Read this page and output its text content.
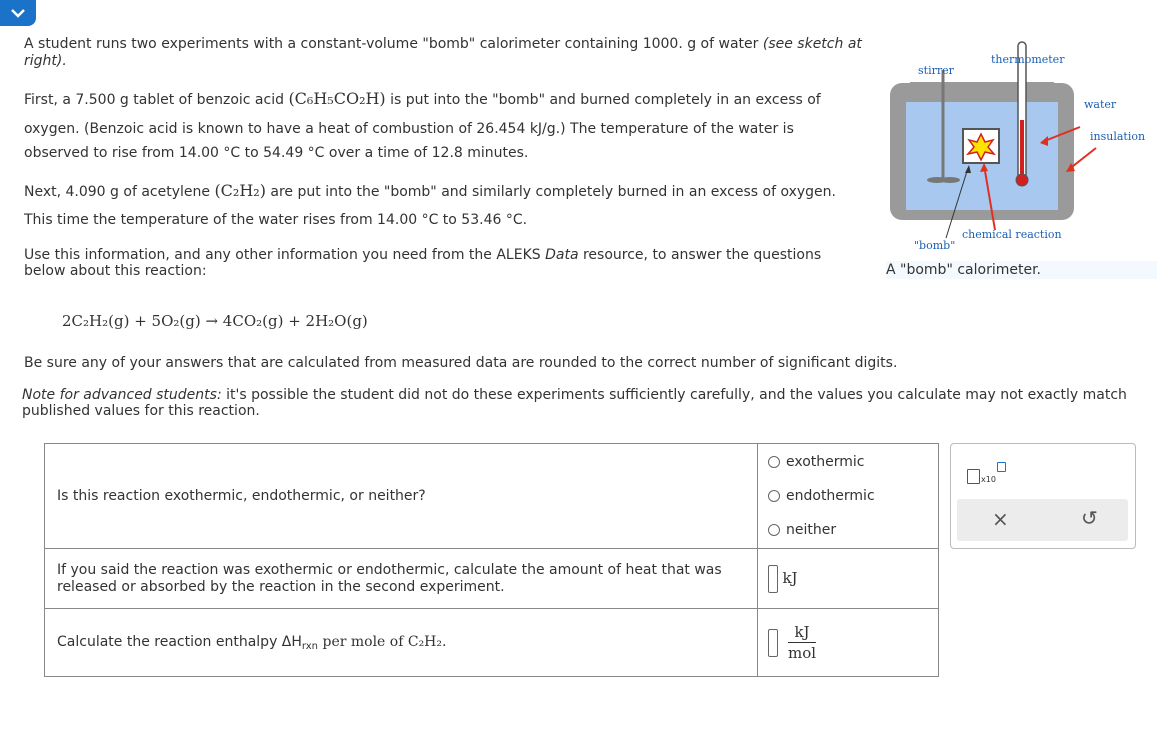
A student runs two experiments with a constant-volume "bomb" calorimeter containing 1000. g of water (see sketch at right).

First, a 7.500 g tablet of benzoic acid (C₆H₅CO₂H) is put into the "bomb" and burned completely in an excess of

oxygen. (Benzoic acid is known to have a heat of combustion of 26.454 kJ/g.) The temperature of the water is

observed to rise from 14.00 °C to 54.49 °C over a time of 12.8 minutes.

Next, 4.090 g of acetylene (C₂H₂) are put into the "bomb" and similarly completely burned in an excess of oxygen.

This time the temperature of the water rises from 14.00 °C to 53.46 °C.

Use this information, and any other information you need from the ALEKS Data resource, to answer the questions

below about this reaction:

2C₂H₂(g) + 5O₂(g) → 4CO₂(g) + 2H₂O(g)

Be sure any of your answers that are calculated from measured data are rounded to the correct number of significant digits.

Note for advanced students: it's possible the student did not do these experiments sufficiently carefully, and the values you calculate may not exactly match

published values for this reaction.

stirrer
thermometer
water
insulation
chemical reaction
"bomb"
A "bomb" calorimeter.
Is this reaction exothermic, endothermic, or neither?	exothermic
endothermic
neither

If you said the reaction was exothermic or endothermic, calculate the amount of heat that was
released or absorbed by the reaction in the second experiment.	kJ
Calculate the reaction enthalpy $\Delta H_{rxn}$ per mole of C₂H₂.	kJ
mol
x10
×	↺
